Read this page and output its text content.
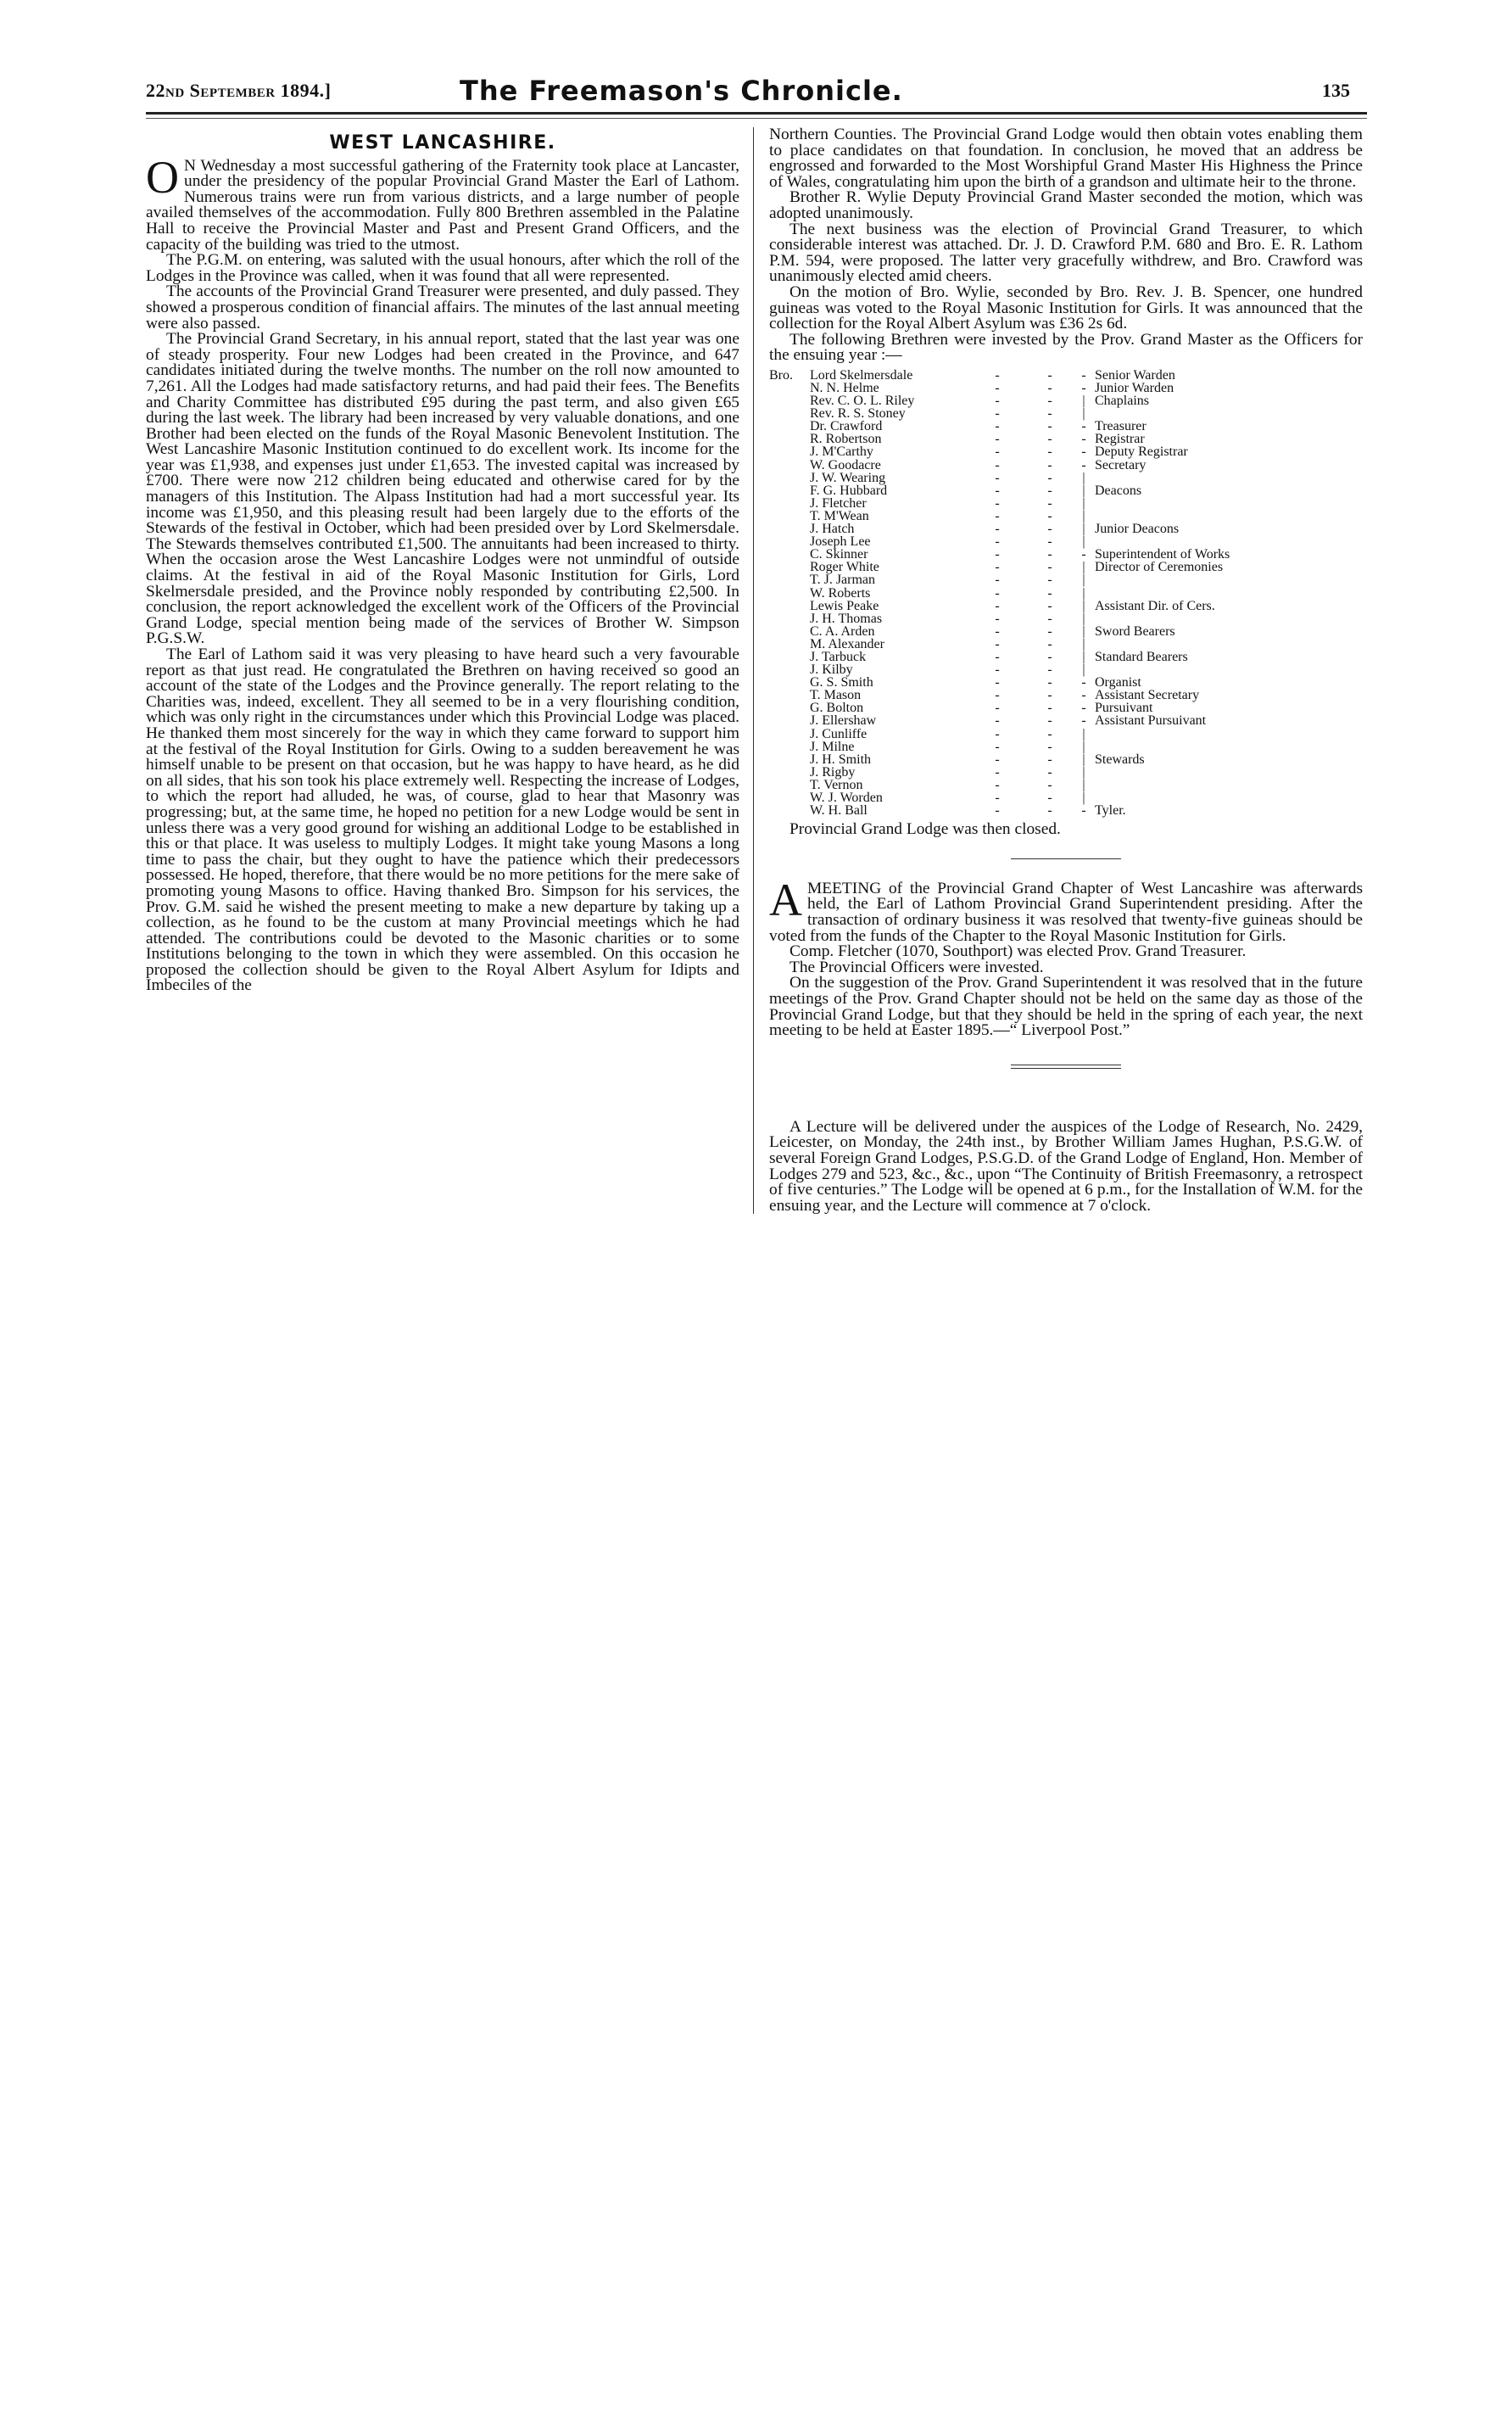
22nd September 1894.]	The Freemason's Chronicle.	135
WEST LANCASHIRE.

O N Wednesday a most successful gathering of the Fraternity took place at Lancaster, under the presidency of the popular Provincial Grand Master the Earl of Lathom. Numerous trains were run from various districts, and a large number of people availed themselves of the accommodation. Fully 800 Brethren assembled in the Palatine Hall to receive the Provincial Master and Past and Present Grand Officers, and the capacity of the building was tried to the utmost.

The P.G.M. on entering, was saluted with the usual honours, after which the roll of the Lodges in the Province was called, when it was found that all were represented.

The accounts of the Provincial Grand Treasurer were presented, and duly passed. They showed a prosperous condition of financial affairs. The minutes of the last annual meeting were also passed.

The Provincial Grand Secretary, in his annual report, stated that the last year was one of steady prosperity. Four new Lodges had been created in the Province, and 647 candidates initiated during the twelve months. The number on the roll now amounted to 7,261. All the Lodges had made satisfactory returns, and had paid their fees. The Benefits and Charity Committee has distributed £95 during the past term, and also given £65 during the last week. The library had been increased by very valuable donations, and one Brother had been elected on the funds of the Royal Masonic Benevolent Institution. The West Lancashire Masonic Institution continued to do excellent work. Its income for the year was £1,938, and expenses just under £1,653. The invested capital was increased by £700. There were now 212 children being educated and otherwise cared for by the managers of this Institution. The Alpass Institution had had a mort successful year. Its income was £1,950, and this pleasing result had been largely due to the efforts of the Stewards of the festival in October, which had been presided over by Lord Skelmersdale. The Stewards themselves contributed £1,500. The annuitants had been increased to thirty. When the occasion arose the West Lancashire Lodges were not unmindful of outside claims. At the festival in aid of the Royal Masonic Institution for Girls, Lord Skelmersdale presided, and the Province nobly responded by contributing £2,500. In conclusion, the report acknowledged the excellent work of the Officers of the Provincial Grand Lodge, special mention being made of the services of Brother W. Simpson P.G.S.W.

The Earl of Lathom said it was very pleasing to have heard such a very favourable report as that just read. He congratulated the Brethren on having received so good an account of the state of the Lodges and the Province generally. The report relating to the Charities was, indeed, excellent. They all seemed to be in a very flourishing condition, which was only right in the circumstances under which this Provincial Lodge was placed. He thanked them most sincerely for the way in which they came forward to support him at the festival of the Royal Institution for Girls. Owing to a sudden bereavement he was himself unable to be present on that occasion, but he was happy to have heard, as he did on all sides, that his son took his place extremely well. Respecting the increase of Lodges, to which the report had alluded, he was, of course, glad to hear that Masonry was progressing; but, at the same time, he hoped no petition for a new Lodge would be sent in unless there was a very good ground for wishing an additional Lodge to be established in this or that place. It was useless to multiply Lodges. It might take young Masons a long time to pass the chair, but they ought to have the patience which their predecessors possessed. He hoped, therefore, that there would be no more petitions for the mere sake of promoting young Masons to office. Having thanked Bro. Simpson for his services, the Prov. G.M. said he wished the present meeting to make a new departure by taking up a collection, as he found to be the custom at many Provincial meetings which he had attended. The contributions could be devoted to the Masonic charities or to some Institutions belonging to the town in which they were assembled. On this occasion he proposed the collection should be given to the Royal Albert Asylum for Idipts and Imbeciles of the

Northern Counties. The Provincial Grand Lodge would then obtain votes enabling them to place candidates on that foundation. In conclusion, he moved that an address be engrossed and forwarded to the Most Worshipful Grand Master His Highness the Prince of Wales, congratulating him upon the birth of a grandson and ultimate heir to the throne.

Brother R. Wylie Deputy Provincial Grand Master seconded the motion, which was adopted unanimously.

The next business was the election of Provincial Grand Treasurer, to which considerable interest was attached. Dr. J. D. Crawford P.M. 680 and Bro. E. R. Lathom P.M. 594, were proposed. The latter very gracefully withdrew, and Bro. Crawford was unanimously elected amid cheers.

On the motion of Bro. Wylie, seconded by Bro. Rev. J. B. Spencer, one hundred guineas was voted to the Royal Masonic Institution for Girls. It was announced that the collection for the Royal Albert Asylum was £36 2s 6d.

The following Brethren were invested by the Prov. Grand Master as the Officers for the ensuing year :—

Bro.	Lord Skelmersdale	-	-	- Senior Warden
N. N. Helme	-	-	- Junior Warden
Rev. C. O. L. Riley	-	-	| Chaplains
Rev. R. S. Stoney	-	-	|
Dr. Crawford	-	-	- Treasurer
R. Robertson	-	-	- Registrar
J. M'Carthy	-	-	- Deputy Registrar
W. Goodacre	-	-	- Secretary
J. W. Wearing	-	-	|
F. G. Hubbard	-	-	| Deacons
J. Fletcher	-	-	|
T. M'Wean	-	-	|
J. Hatch	-	-	| Junior Deacons
Joseph Lee	-	-	|
C. Skinner	-	-	- Superintendent of Works
Roger White	-	-	| Director of Ceremonies
T. J. Jarman	-	-	|
W. Roberts	-	-	|
Lewis Peake	-	-	| Assistant Dir. of Cers.
J. H. Thomas	-	-	|
C. A. Arden	-	-	| Sword Bearers
M. Alexander	-	-	|
J. Tarbuck	-	-	| Standard Bearers
J. Kilby	-	-	|
G. S. Smith	-	-	- Organist
T. Mason	-	-	- Assistant Secretary
G. Bolton	-	-	- Pursuivant
J. Ellershaw	-	-	- Assistant Pursuivant
J. Cunliffe	-	-	|
J. Milne	-	-	|
J. H. Smith	-	-	| Stewards
J. Rigby	-	-	|
T. Vernon	-	-	|
W. J. Worden	-	-	|
W. H. Ball	-	-	- Tyler.

Provincial Grand Lodge was then closed.

AMEETING of the Provincial Grand Chapter of West Lancashire was afterwards held, the Earl of Lathom Provincial Grand Superintendent presiding. After the transaction of ordinary business it was resolved that twenty-five guineas should be voted from the funds of the Chapter to the Royal Masonic Institution for Girls.

Comp. Fletcher (1070, Southport) was elected Prov. Grand Treasurer.

The Provincial Officers were invested.

On the suggestion of the Prov. Grand Superintendent it was resolved that in the future meetings of the Prov. Grand Chapter should not be held on the same day as those of the Provincial Grand Lodge, but that they should be held in the spring of each year, the next meeting to be held at Easter 1895.—“ Liverpool Post.”

A Lecture will be delivered under the auspices of the Lodge of Research, No. 2429, Leicester, on Monday, the 24th inst., by Brother William James Hughan, P.S.G.W. of several Foreign Grand Lodges, P.S.G.D. of the Grand Lodge of England, Hon. Member of Lodges 279 and 523, &c., &c., upon “The Continuity of British Freemasonry, a retrospect of five centuries.” The Lodge will be opened at 6 p.m., for the Installation of W.M. for the ensuing year, and the Lecture will commence at 7 o'clock.
